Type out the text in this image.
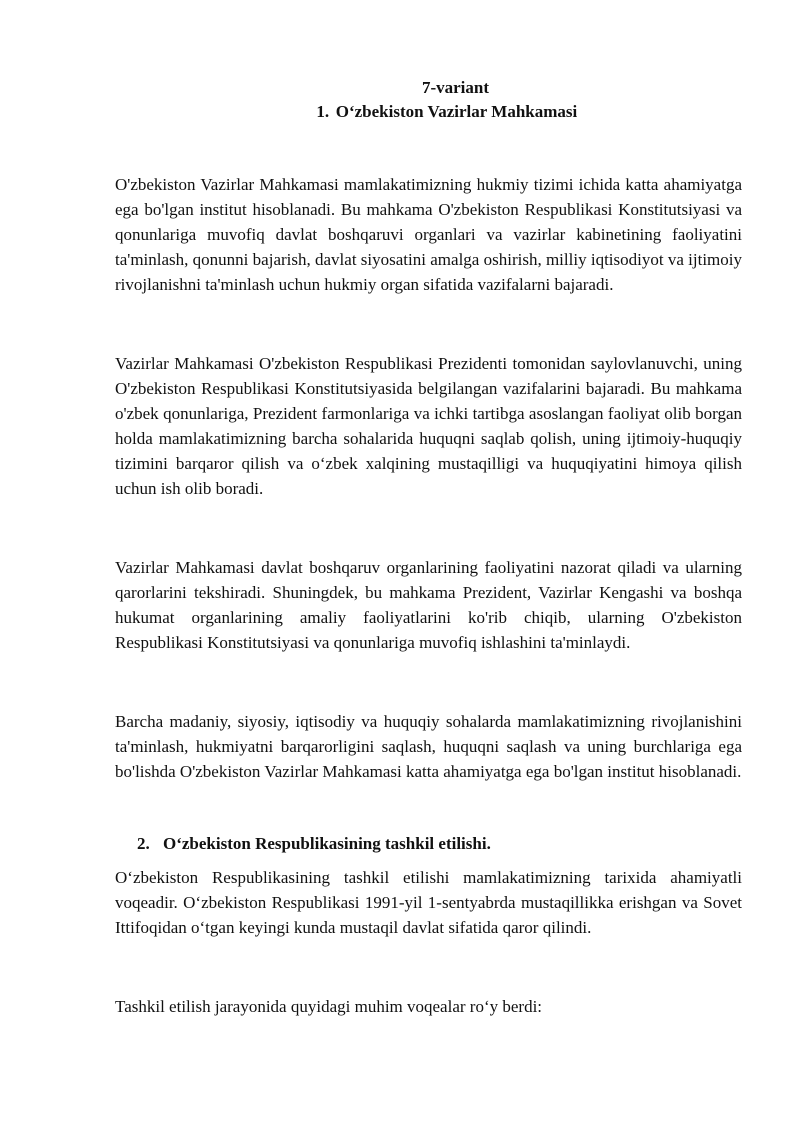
7-variant

1. O‘zbekiston Vazirlar Mahkamasi

O'zbekiston Vazirlar Mahkamasi mamlakatimizning hukmiy tizimi ichida katta ahamiyatga ega bo'lgan institut hisoblanadi. Bu mahkama O'zbekiston Respublikasi Konstitutsiyasi va qonunlariga muvofiq davlat boshqaruvi organlari va vazirlar kabinetining faoliyatini ta'minlash, qonunni bajarish, davlat siyosatini amalga oshirish, milliy iqtisodiyot va ijtimoiy rivojlanishni ta'minlash uchun hukmiy organ sifatida vazifalarni bajaradi.

Vazirlar Mahkamasi O'zbekiston Respublikasi Prezidenti tomonidan saylovlanuvchi, uning O'zbekiston Respublikasi Konstitutsiyasida belgilangan vazifalarini bajaradi. Bu mahkama o'zbek qonunlariga, Prezident farmonlariga va ichki tartibga asoslangan faoliyat olib borgan holda mamlakatimizning barcha sohalarida huquqni saqlab qolish, uning ijtimoiy-huquqiy tizimini barqaror qilish va o‘zbek xalqining mustaqilligi va huquqiyatini himoya qilish uchun ish olib boradi.

Vazirlar Mahkamasi davlat boshqaruv organlarining faoliyatini nazorat qiladi va ularning qarorlarini tekshiradi. Shuningdek, bu mahkama Prezident, Vazirlar Kengashi va boshqa hukumat organlarining amaliy faoliyatlarini ko'rib chiqib, ularning O'zbekiston Respublikasi Konstitutsiyasi va qonunlariga muvofiq ishlashini ta'minlaydi.

Barcha madaniy, siyosiy, iqtisodiy va huquqiy sohalarda mamlakatimizning rivojlanishini ta'minlash, hukmiyatni barqarorligini saqlash, huquqni saqlash va uning burchlariga ega bo'lishda O'zbekiston Vazirlar Mahkamasi katta ahamiyatga ega bo'lgan institut hisoblanadi.

2. O‘zbekiston Respublikasining tashkil etilishi.

O‘zbekiston Respublikasining tashkil etilishi mamlakatimizning tarixida ahamiyatli voqeadir. O‘zbekiston Respublikasi 1991-yil 1-sentyabrda mustaqillikka erishgan va Sovet Ittifoqidan o‘tgan keyingi kunda mustaqil davlat sifatida qaror qilindi.

Tashkil etilish jarayonida quyidagi muhim voqealar ro‘y berdi:
